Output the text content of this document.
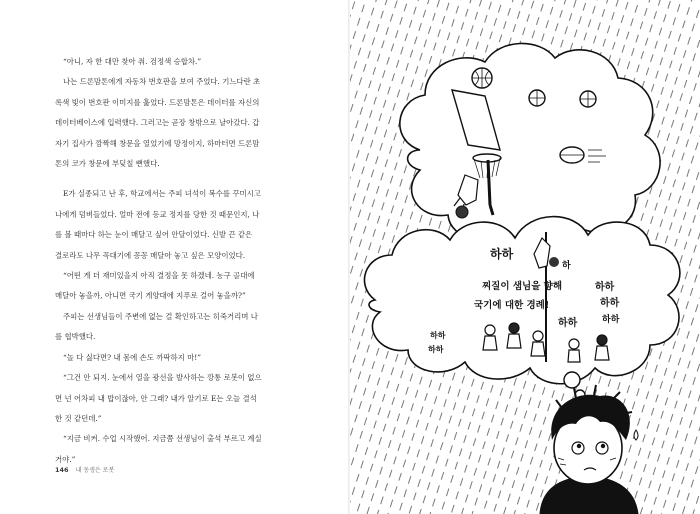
“아니, 자 한 대만 찾아 줘. 검정색 승합차.”

나는 드론맘톤에게 자동차 번호판을 보여 주었다. 기느다란 초

록색 빛이 번호판 이미지를 훑었다. 드론맘톤은 데이터를 자신의

데이터베이스에 입력했다. 그러고는 곧장 창밖으로 날아갔다. 갑

자기 집사가 깜짝해 창문을 열었기에 망정이지, 하마터면 드론맘

톤의 코가 창문에 부딪칠 뻔했다.

E가 실종되고 난 후, 학교에서는 주피 녀석이 복수를 꾸미시고

나에게 덤벼들었다. 얼마 전에 등교 정지를 당한 것 때문인지, 나

를 볼 때마다 하는 눈이 매달고 싶어 안달이었다. 신발 끈 같은

결로라도 나무 꼭대기에 꽁꽁 매달아 놓고 싶은 모양이었다.

“어떤 게 더 재미있을지 아직 결정을 못 하겠네. 농구 골대에

매달아 놓을까, 아니면 국기 게양대에 지푸로 걸어 놓을까?”

주피는 선생님들이 주변에 없는 걸 확인하고는 히죽거리며 나

를 협박했다.

“놀 다 싫다면? 내 몸에 손도 까딱하지 마!”

“그건 안 되지. 눈에서 열을 광선을 발사하는 깡통 로봇이 없으

면 넌 어차피 내 밥이잖아, 안 그래? 내가 알기로 E는 오늘 결석

한 것 같던데.”

“지금 비켜. 수업 시작했어. 지금쯤 선생님이 출석 부르고 계실

거야.”

146 내 동생은 로봇
찌질이 샘님을 향해
국기에 대한 경례!
하하
하
하하
하하
하하
하하
하하	하하
